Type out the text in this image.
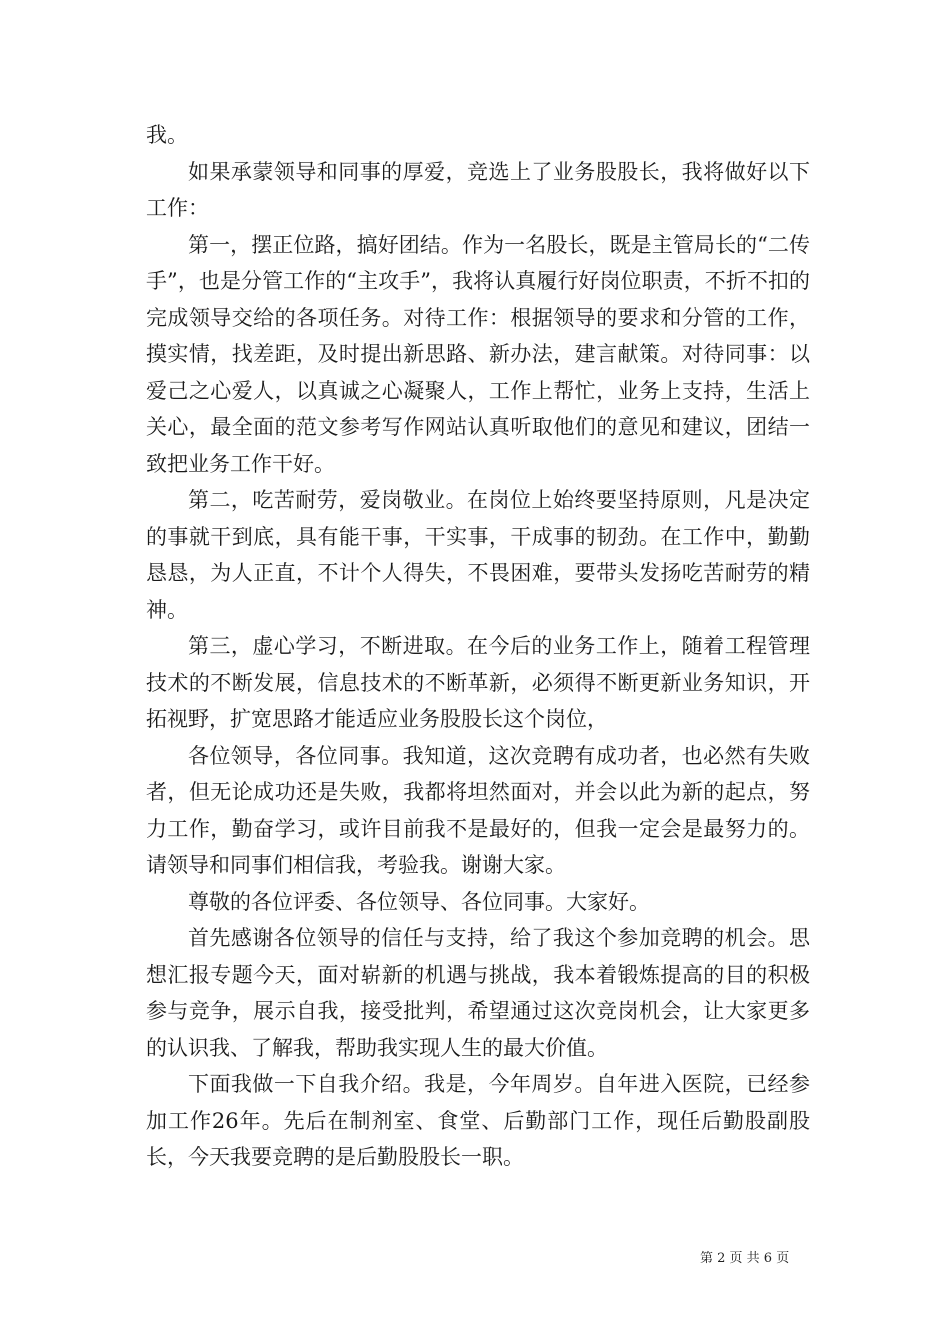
我。

如果承蒙领导和同事的厚爱，竞选上了业务股股长，我将做好以下工作：

第一，摆正位路，搞好团结。作为一名股长，既是主管局长的“二传手”，也是分管工作的“主攻手”，我将认真履行好岗位职责，不折不扣的完成领导交给的各项任务。对待工作：根据领导的要求和分管的工作，摸实情，找差距，及时提出新思路、新办法，建言献策。对待同事：以爱己之心爱人，以真诚之心凝聚人，工作上帮忙，业务上支持，生活上关心，最全面的范文参考写作网站认真听取他们的意见和建议，团结一致把业务工作干好。

第二，吃苦耐劳，爱岗敬业。在岗位上始终要坚持原则，凡是决定的事就干到底，具有能干事，干实事，干成事的韧劲。在工作中，勤勤恳恳，为人正直，不计个人得失，不畏困难，要带头发扬吃苦耐劳的精神。

第三，虚心学习，不断进取。在今后的业务工作上，随着工程管理技术的不断发展，信息技术的不断革新，必须得不断更新业务知识，开拓视野，扩宽思路才能适应业务股股长这个岗位，

各位领导，各位同事。我知道，这次竞聘有成功者，也必然有失败者，但无论成功还是失败，我都将坦然面对，并会以此为新的起点，努力工作，勤奋学习，或许目前我不是最好的，但我一定会是最努力的。请领导和同事们相信我，考验我。谢谢大家。

尊敬的各位评委、各位领导、各位同事。大家好。

首先感谢各位领导的信任与支持，给了我这个参加竞聘的机会。思想汇报专题今天，面对崭新的机遇与挑战，我本着锻炼提高的目的积极参与竞争，展示自我，接受批判，希望通过这次竞岗机会，让大家更多的认识我、了解我，帮助我实现人生的最大价值。

下面我做一下自我介绍。我是，今年周岁。自年进入医院，已经参加工作26年。先后在制剂室、食堂、后勤部门工作，现任后勤股副股长，今天我要竞聘的是后勤股股长一职。

第 2 页 共 6 页
